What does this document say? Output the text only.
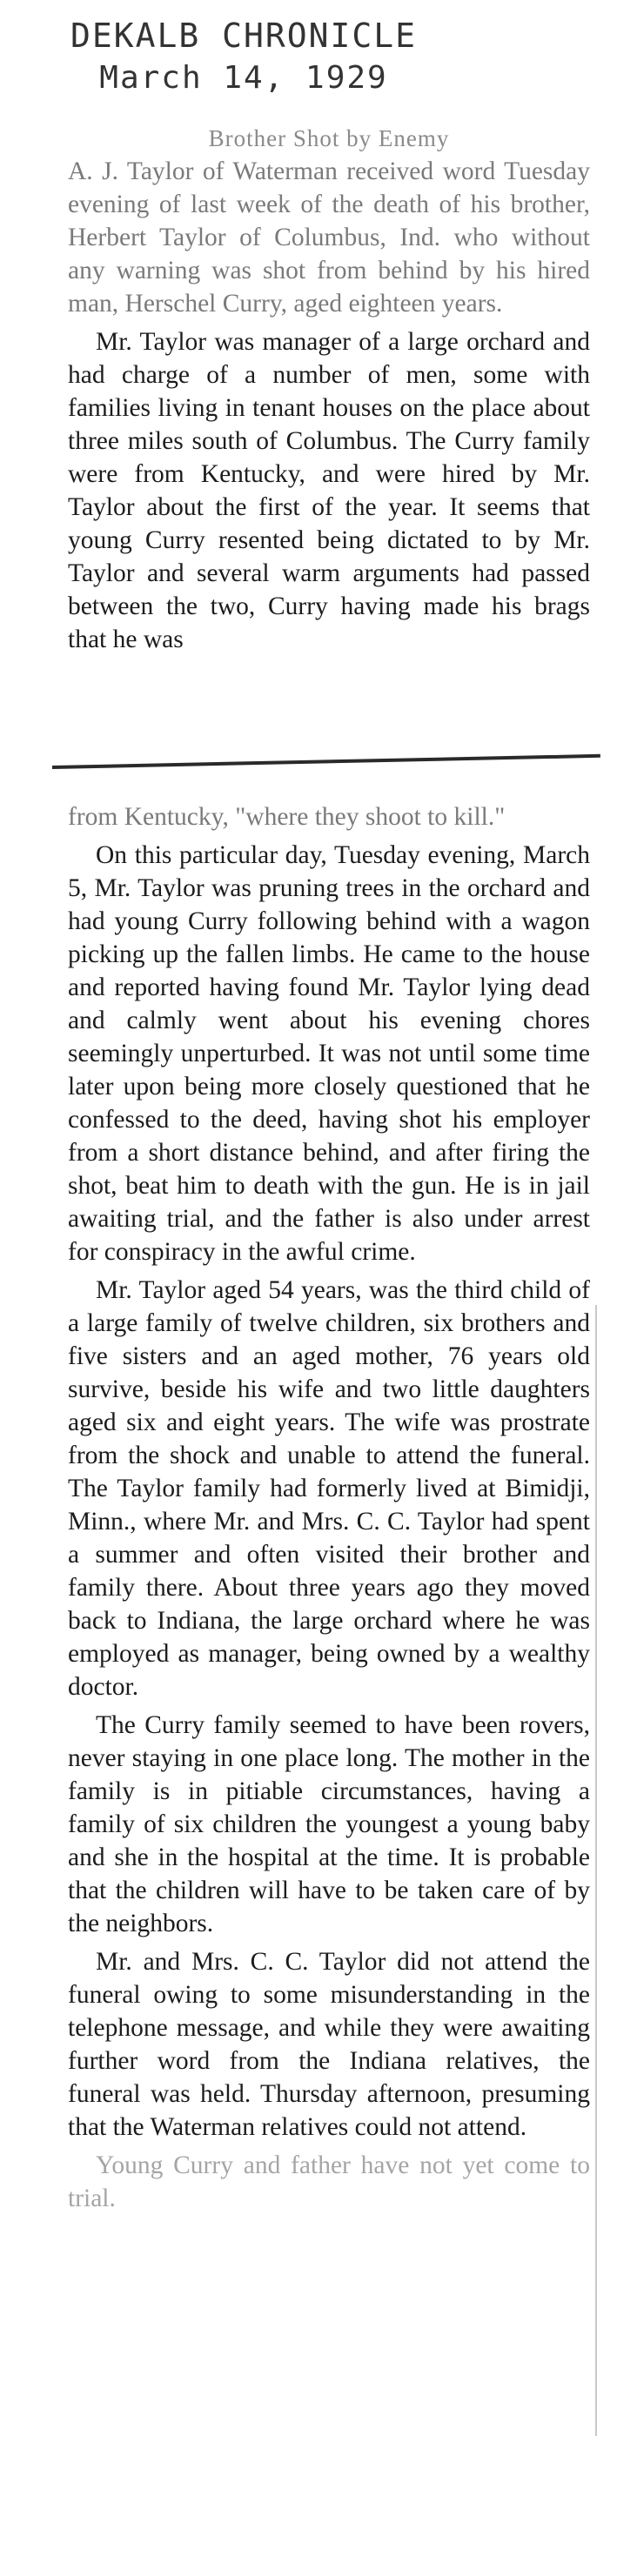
DEKALB CHRONICLE
March 14, 1929

Brother Shot by Enemy

A. J. Taylor of Waterman received word Tuesday evening of last week of the death of his brother, Herbert Taylor of Columbus, Ind. who without any warning was shot from behind by his hired man, Herschel Curry, aged eighteen years.

Mr. Taylor was manager of a large orchard and had charge of a number of men, some with families living in tenant houses on the place about three miles south of Columbus. The Curry family were from Kentucky, and were hired by Mr. Taylor about the first of the year. It seems that young Curry resented being dictated to by Mr. Taylor and several warm arguments had passed between the two, Curry having made his brags that he was

from Kentucky, "where they shoot to kill."

On this particular day, Tuesday evening, March 5, Mr. Taylor was pruning trees in the orchard and had young Curry following behind with a wagon picking up the fallen limbs. He came to the house and reported having found Mr. Taylor lying dead and calmly went about his evening chores seemingly unperturbed. It was not until some time later upon being more closely questioned that he confessed to the deed, having shot his employer from a short distance behind, and after firing the shot, beat him to death with the gun. He is in jail awaiting trial, and the father is also under arrest for conspiracy in the awful crime.

Mr. Taylor aged 54 years, was the third child of a large family of twelve children, six brothers and five sisters and an aged mother, 76 years old survive, beside his wife and two little daughters aged six and eight years. The wife was prostrate from the shock and unable to attend the funeral. The Taylor family had formerly lived at Bimidji, Minn., where Mr. and Mrs. C. C. Taylor had spent a summer and often visited their brother and family there. About three years ago they moved back to Indiana, the large orchard where he was employed as manager, being owned by a wealthy doctor.

The Curry family seemed to have been rovers, never staying in one place long. The mother in the family is in pitiable circumstances, having a family of six children the youngest a young baby and she in the hospital at the time. It is probable that the children will have to be taken care of by the neighbors.

Mr. and Mrs. C. C. Taylor did not attend the funeral owing to some misunderstanding in the telephone message, and while they were awaiting further word from the Indiana relatives, the funeral was held. Thursday afternoon, presuming that the Waterman relatives could not attend.

Young Curry and father have not yet come to trial.
